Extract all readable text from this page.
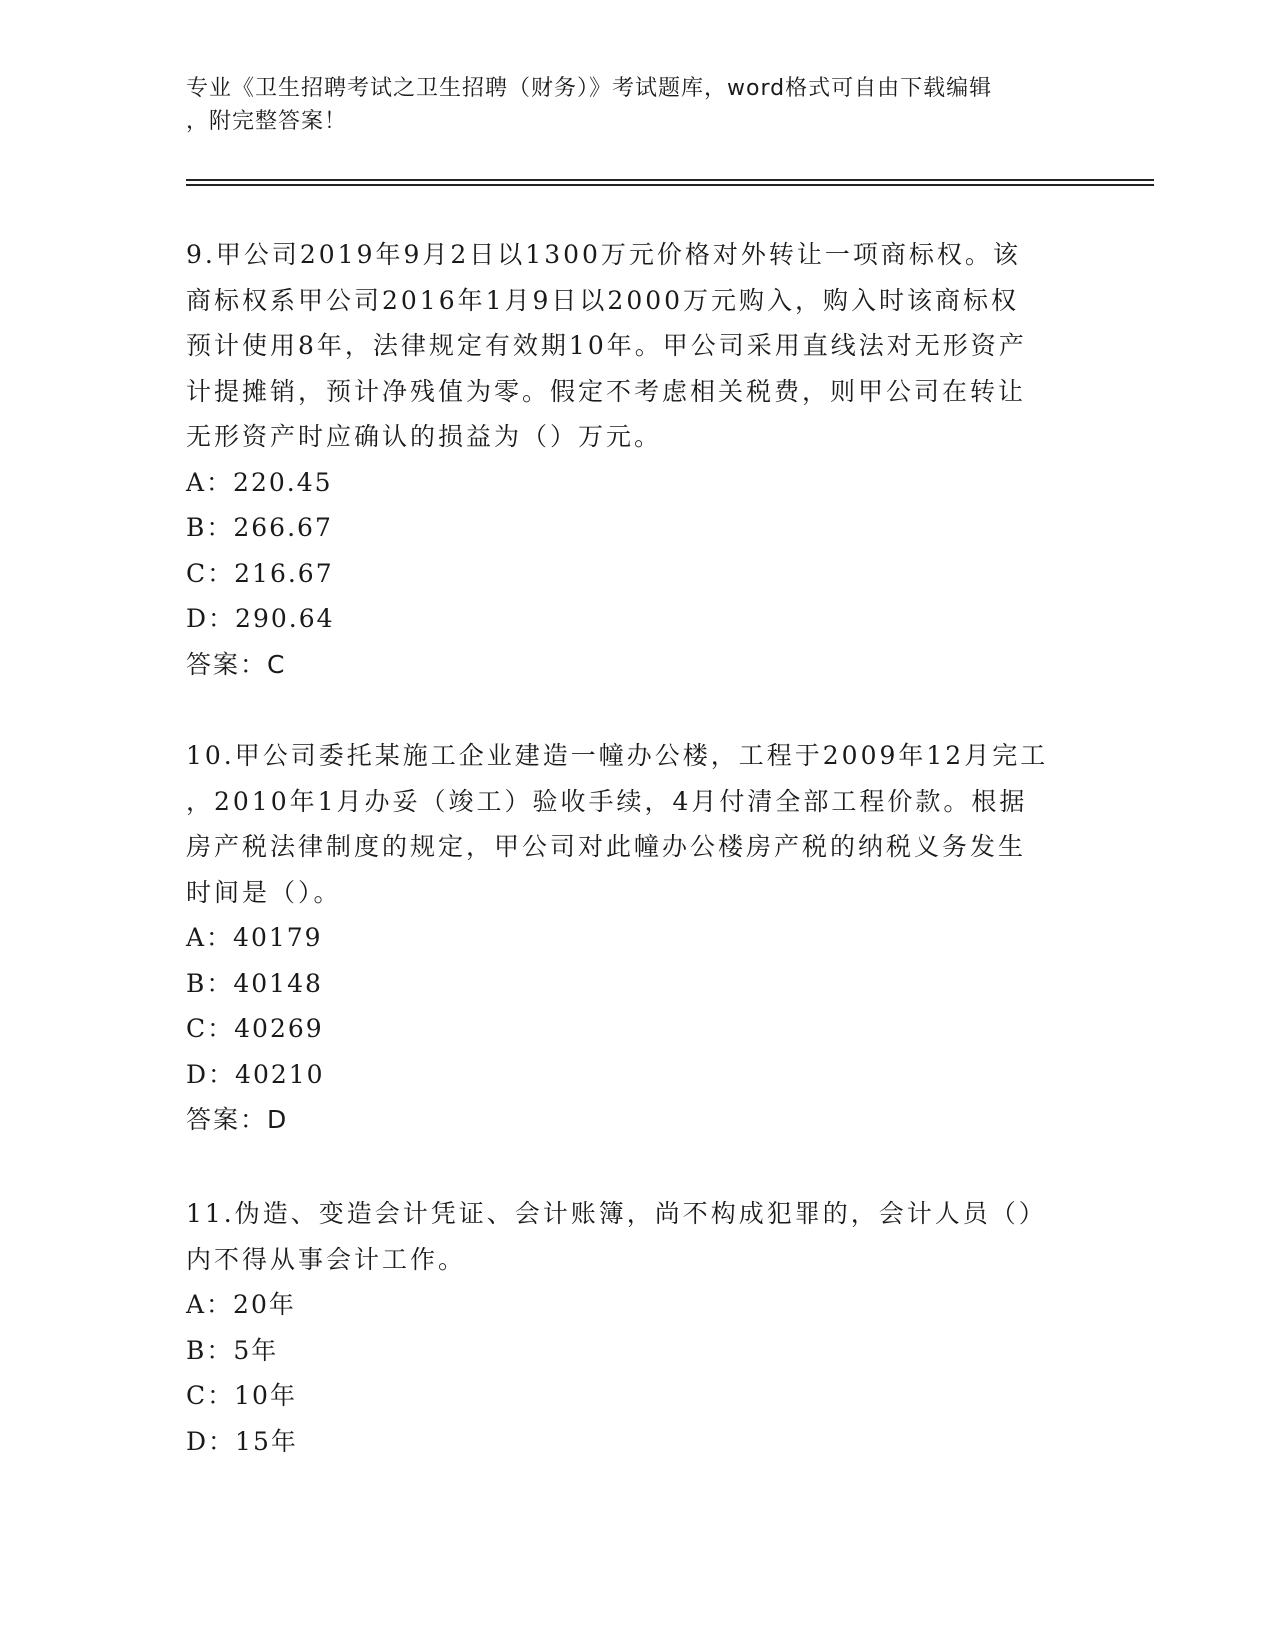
专业《卫生招聘考试之卫生招聘（财务）》考试题库，word格式可自由下载编辑
，附完整答案！

9.甲公司2019年9月2日以1300万元价格对外转让一项商标权。该

商标权系甲公司2016年1月9日以2000万元购入，购入时该商标权

预计使用8年，法律规定有效期10年。甲公司采用直线法对无形资产

计提摊销，预计净残值为零。假定不考虑相关税费，则甲公司在转让

无形资产时应确认的损益为（）万元。

A：220.45

B：266.67

C：216.67

D：290.64

答案：C

10.甲公司委托某施工企业建造一幢办公楼，工程于2009年12月完工

，2010年1月办妥（竣工）验收手续，4月付清全部工程价款。根据

房产税法律制度的规定，甲公司对此幢办公楼房产税的纳税义务发生

时间是（）。

A：40179

B：40148

C：40269

D：40210

答案：D

11.伪造、变造会计凭证、会计账簿，尚不构成犯罪的，会计人员（）

内不得从事会计工作。

A：20年

B：5年

C：10年

D：15年
